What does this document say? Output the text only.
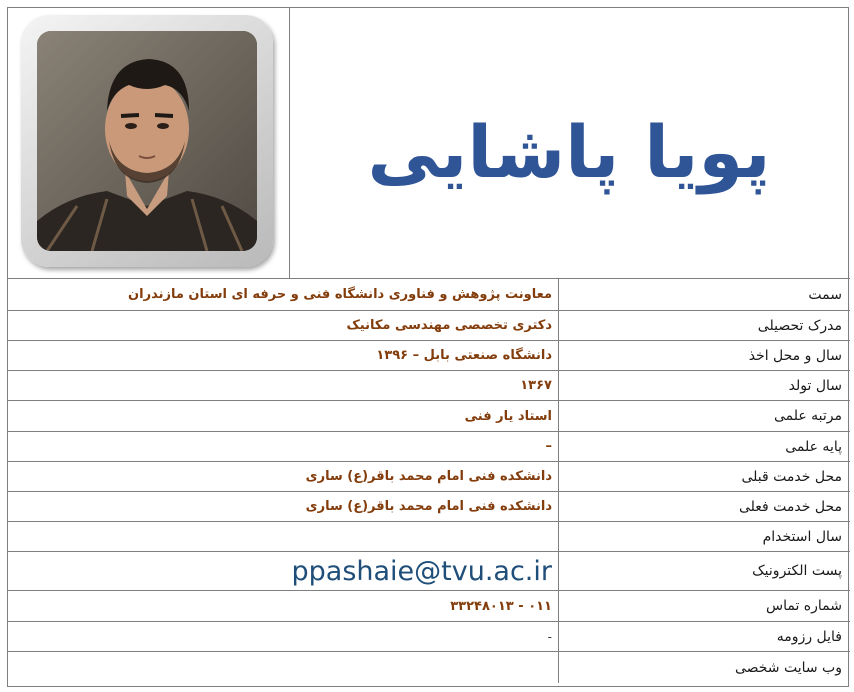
پویا پاشایی
سمت
معاونت پژوهش و فناوری دانشگاه فنی و حرفه ای استان مازندران
مدرک تحصیلی
دکتری تخصصی مهندسی مکانیک
سال و محل اخذ
دانشگاه صنعتی بابل – ۱۳۹۶
سال تولد
۱۳۶۷
مرتبه علمی
استاد یار فنی
پایه علمی
–
محل خدمت قبلی
دانشکده فنی امام محمد باقر(ع) ساری
محل خدمت فعلی
دانشکده فنی امام محمد باقر(ع) ساری
سال استخدام
پست الکترونیک
ppashaie@tvu.ac.ir
شماره تماس
۰۱۱ - ۳۳۲۴۸۰۱۳
فایل رزومه
-
وب سایت شخصی
